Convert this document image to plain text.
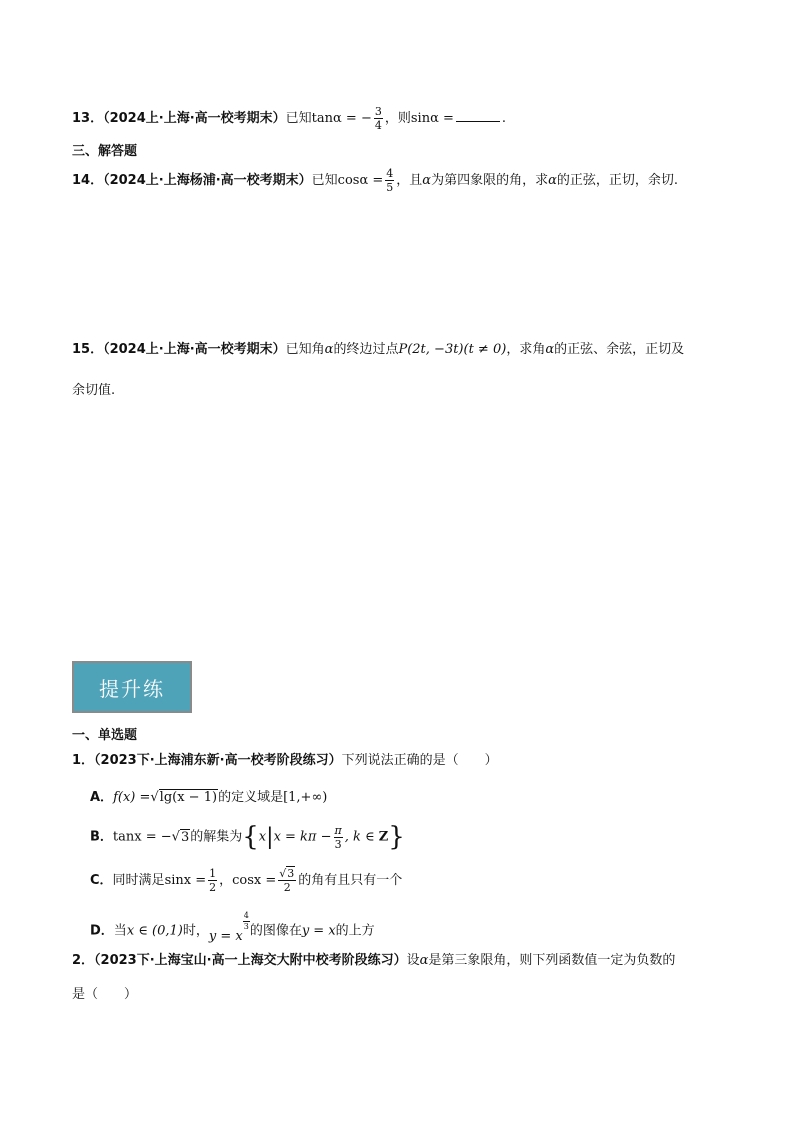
13．（2024上·上海·高一校考期末）已知tanα = − $\frac{3}{4}$ ，则sinα =	.
三、解答题
14．（2024上·上海杨浦·高一校考期末）已知$\cos\alpha = \frac{4}{5}$ ，且α为第四象限的角，求α的正弦，正切，余切.
15．（2024上·上海·高一校考期末）已知角α的终边过点P(2t, −3t)(t ≠ 0)，求角α的正弦、余弦，正切及
余切值.
提升练
一、单选题
1．（2023下·上海浦东新·高一校考阶段练习）下列说法正确的是（　　）
A．f(x) =√lg(x − 1)的定义域是[1,+∞)
B．tanx = −√3的解集为{$x|x = k\pi - \frac{\pi}{3}$ , k ∈ Z}
C．同时满足$\sin x = \frac{1}{2}$ ，$\cos x = \frac{√3}{2}$ 的角有且只有一个
D．当x ∈ (0,1)时，y = x
$\frac{4}{3}$ 的图像在y = x的上方
2．（2023下·上海宝山·高一上海交大附中校考阶段练习）设α是第三象限角，则下列函数值一定为负数的
是（　　）
